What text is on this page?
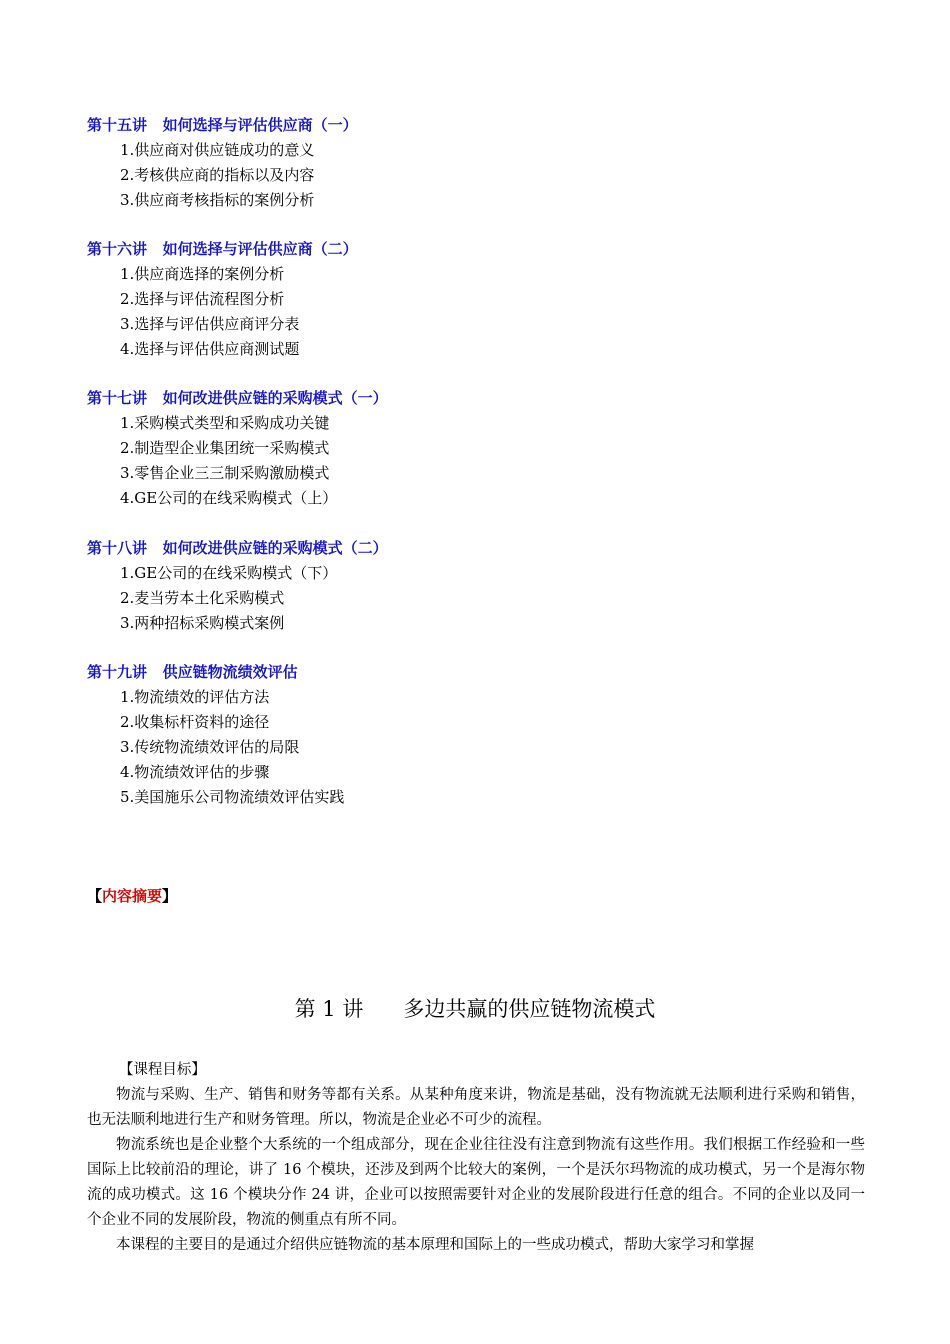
第十五讲   如何选择与评估供应商（一）
1.供应商对供应链成功的意义
2.考核供应商的指标以及内容
3.供应商考核指标的案例分析
第十六讲   如何选择与评估供应商（二）
1.供应商选择的案例分析
2.选择与评估流程图分析
3.选择与评估供应商评分表
4.选择与评估供应商测试题
第十七讲   如何改进供应链的采购模式（一）
1.采购模式类型和采购成功关键
2.制造型企业集团统一采购模式
3.零售企业三三制采购激励模式
4.GE公司的在线采购模式（上）
第十八讲   如何改进供应链的采购模式（二）
1.GE公司的在线采购模式（下）
2.麦当劳本土化采购模式
3.两种招标采购模式案例
第十九讲   供应链物流绩效评估
1.物流绩效的评估方法
2.收集标杆资料的途径
3.传统物流绩效评估的局限
4.物流绩效评估的步骤
5.美国施乐公司物流绩效评估实践
【内容摘要】
第 1 讲      多边共赢的供应链物流模式

【课程目标】

物流与采购、生产、销售和财务等都有关系。从某种角度来讲，物流是基础，没有物流就无法顺利进行采购和销售，也无法顺利地进行生产和财务管理。所以，物流是企业必不可少的流程。

物流系统也是企业整个大系统的一个组成部分，现在企业往往没有注意到物流有这些作用。我们根据工作经验和一些国际上比较前沿的理论，讲了 16 个模块，还涉及到两个比较大的案例，一个是沃尔玛物流的成功模式，另一个是海尔物流的成功模式。这 16 个模块分作 24 讲，企业可以按照需要针对企业的发展阶段进行任意的组合。不同的企业以及同一个企业不同的发展阶段，物流的侧重点有所不同。

本课程的主要目的是通过介绍供应链物流的基本原理和国际上的一些成功模式，帮助大家学习和掌握
